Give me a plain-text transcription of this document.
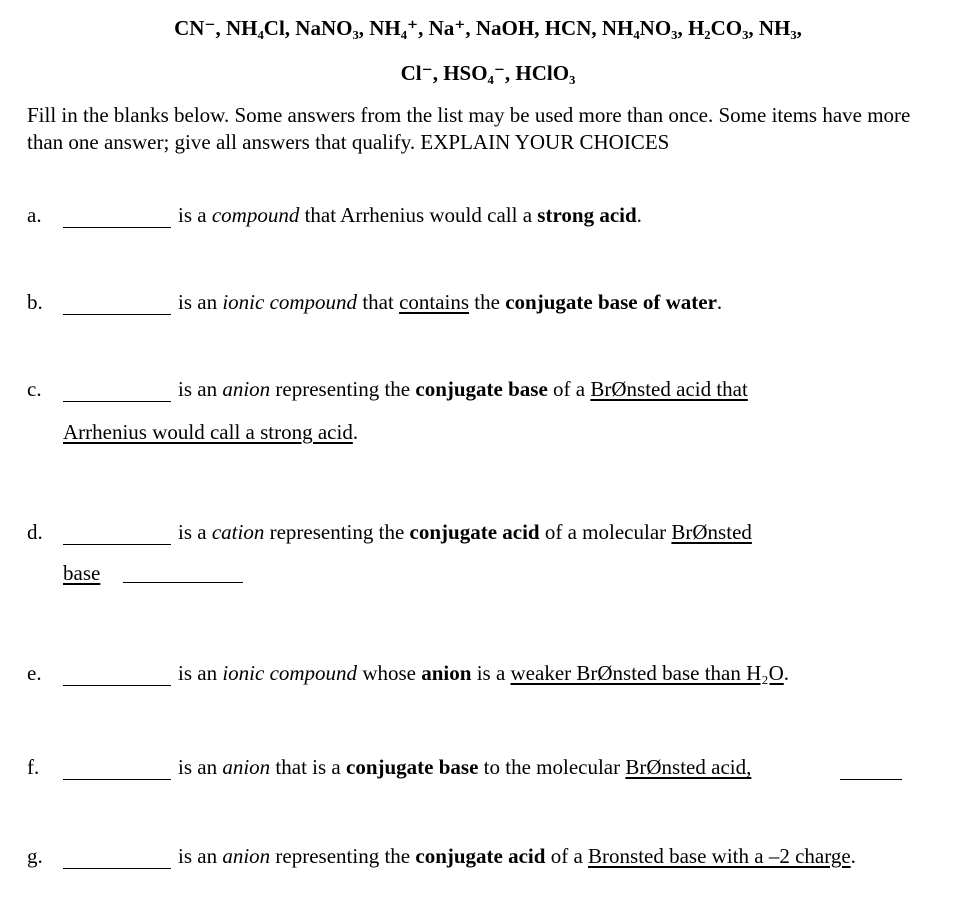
CN⁻, NH₄Cl, NaNO₃, NH₄⁺, Na⁺, NaOH, HCN, NH₄NO₃, H₂CO₃, NH₃,
Cl⁻, HSO₄⁻, HClO₃
Fill in the blanks below. Some answers from the list may be used more than once. Some items have more than one answer; give all answers that qualify. EXPLAIN YOUR CHOICES
a.	is a compound that Arrhenius would call a strong acid.
b.	is an ionic compound that contains the conjugate base of water.
c.	is an anion representing the conjugate base of a BrØnsted acid that
Arrhenius would call a strong acid.
d.	is a cation representing the conjugate acid of a molecular BrØnsted
base
e.	is an ionic compound whose anion is a weaker BrØnsted base than H₂O.
f.	is an anion that is a conjugate base to the molecular BrØnsted acid,
g.	is an anion representing the conjugate acid of a Bronsted base with a –2 charge.
